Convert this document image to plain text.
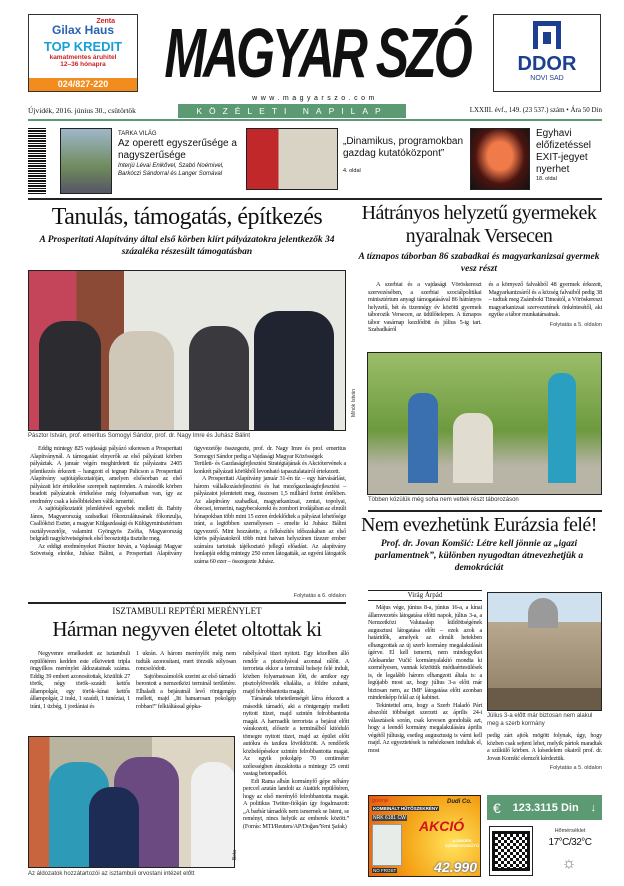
Zenta
Gilax Haus
TOP KREDIT
kamatmentes áruhitel
12–36 hónapra
024/827-220	MAGYAR SZÓ	DDOR
NOVI SAD
www.magyarszo.com
Újvidék, 2016. június 30., csütörtök	KÖZÉLETI NAPILAP	LXXIII. évf., 149. (23 537.) szám • Ára 50 Din
TARKA VILÁG
Az operett egyszerűsége a nagyszerűsége
Interjú Lévai Enikővel, Szabó Noémivel, Barkóczi Sándorral és Langer Somával
„Dinamikus, programokban gazdag kutatóközpont”
4. oldal
Egyhavi előfizetéssel EXIT-jegyet nyerhet
18. oldal
Tanulás, támogatás, építkezés
A Prosperitati Alapítvány által első körben kiírt pályázatokra jelentkezők 34 százaléka részesült támogatásban
Pásztor István, prof. emeritus Somogyi Sándor, prof. dr. Nagy Imre és Juhász Bálint

Eddig mintegy 825 vajdasági pályázó sikeresen a Prosperitati Alapítványnál. A támogatást elnyerők az első pályázati körben pályáztak. A január végén meghirdetett tíz pályázatra 2405 jelentkezés érkezett – hangzott el tegnap Palicson a Prosperitati Alapítvány sajtótájékoztatóján, amelyen elsősorban az első pályázati kör értékelése szerepelt napirenden. A második körben beadott pályázatok értékelése még folyamatban van, így az eredmény csak a későbbiekben válik ismertté.

A sajtótájékoztatót jelenlétével egyebek mellett dr. Babity János, Magyarország szabadkai főkonzulátusának főkonzulja, Csallóközi Eszter, a magyar Külgazdasági és Külügyminisztérium osztályvezetője, valamint Gyöngyös Zsófia, Magyarország belgrádi nagykövetségének első beosztottja tisztelte meg.

Az eddigi eredményeket Pásztor István, a Vajdasági Magyar Szövetség elnöke, Juhász Bálint, a Prosperitati Alapítvány ügyvezetője összegezte, prof. dr. Nagy Imre és prof. emeritus Somogyi Sándor pedig a Vajdasági Magyar Közösségek

Területi- és Gazdaságfejlesztési Stratégiájának és Akciótervének a konkrét pályázati körökből levonható tapasztalatairól értekezett.

A Prosperitati Alapítvány január 31-én tíz – egy hárvásárlást, három vállalkozásfejlesztési és hat mezőgazdaságfejlesztési – pályázatot jelentetett meg, összesen 1,5 milliárd forint értékben. Az alapítvány szabadkai, magyarkanizsai, zentai, topolyai, óbecsei, temerini, nagybecskereki és zombori irodájában az elmúlt hónapokban több mint 15 ezren érdeklődtek a pályázat lehetősége iránt, a legtöbben személyesen – emelte ki Juhász Bálint ügyvezető. Mint hozzátette, a felkészítés időszakában az első körös pályázatokról több mint hatvan helyszínen tízezer ember számára tartottak tájékoztató jellegű előadást. Az alapítvány honlapját eddig mintegy 250 ezren látogatták, az egyéni látogatók száma 60 ezer – összegezte Juhász.

Folytatás a 6. oldalon
ISZTAMBULI REPTÉRI MERÉNYLET
Hárman negyven életet oltottak ki

Negyvenre emelkedett az isztambuli repülőtéren kedden este elkövetett tripla öngyilkos merénylet áldozatainak száma. Eddig 39 embert azonosítottak, közülük 27 török, négy török–szaúdi kettős állampolgár, egy török–kínai kettős állampolgár, 2 iraki, 1 szaúdi, 1 tunéziai, 1 iráni, 1 üzbég, 1 jordániai és

1 ukrán. A három merénylőt még nem tudták azonosítani, mert törzsük súlyosan roncsolódott.

Sajtóbeszámolók szerint az első támadó berontott a nemzetközi terminál területére. Elhaladt a bejáratnál levő röntgengép mellett, majd „Itt hamarosan pokolgép robban!” felkiáltással gépka-

rabélyával tüzet nyitott. Egy közelben álló rendőr a pisztolyával azonnal rálőtt. A terrorista ekkor a terminál belseje felé indult, közben folyamatosan lőtt, de amikor egy pisztolylövedék eltalálta, a földre zuhant, majd felrobbantotta magát.

Társának tehetetlenségét látva érkezett a második támadó, aki a röntgengép mellett nyitott tüzet, majd szintén felrobbantotta magát. A harmadik terrorista a bejárat előtt várakozott, először a terminálból kitóduló tömegre nyitott tüzet, majd az épület előtt autókra és taxikra lövöldözött. A rendőrök közbelépésekor szintén felrobbantotta magát. Az egyik pokolgép 70 centiméter szélességben átszakította a mintegy 25 centi vastag betonpadlót.

Edi Rama albán kormányfő gépe néhány perccel azután landolt az Atatürk repülőtéren, hogy az első merénylő felrobbantotta magát. A politikus Twitter-fiókján így fogalmazott: „A barbár támadók nem ismernek se Istent, se reményt, nincs helyük az emberek között.” (Forrás: MTI/Reuters/AP/Doğan/Yeni Şafak)

Beta
Az áldozatok hozzátartozói az isztambuli orvostani intézet előtt
Hátrányos helyzetű gyermekek nyaralnak Versecen
A tíznapos táborban 86 szabadkai és magyarkanizsai gyermek vesz részt

A szerbiai és a vajdasági Vöröskereszt szervezésében, a szerbiai szociálpolitikai minisztérium anyagi támogatásával 86 hátrányos helyzetű, hét és tizennégy év közötti gyermek táborozik Versecen, az üdülőtelepen. A tíznapos tábor vasárnap kezdődött és július 5-ig tart. Szabadkáról

és a környező falvakból 48 gyermek érkezett, Magyarkanizsáról és a község falvaiból pedig 38 – tudtuk meg Zsámboki Timeától, a Vöröskereszt magyarkanizsai szervezetének önkéntesétől, aki egyike a tábor munkatársainak.

Folytatás a 5. oldalon
Mihók István
Többen közülük még soha nem vettek részt táborozáson
Nem evezhetünk Eurázsia felé!
Prof. dr. Jovan Komšić: Létre kell jönnie az „igazi parlamentnek”, különben nyugodtan átnevezhetjük a demokráciát
Virág Árpád

Május vége, június 8-a, június 16-a, a kínai államvezetés látogatása előtti napok, július 3-a, a Nemzetközi Valutaalap küldöttségének augusztusi látogatása előtt – ezek azok a határidők, amelyek az elmúlt hetekben elhangzottak az új szerb kormány megalakulását ígérve. El kell ismerni, nem mindegyiket Aleksandar Vučić kormányalakító mondta ki személyesen, vannak közöttük médiaértesülések is, de legalább három elhangzott általa is: a legújabb most az, hogy július 3-a előtt már biztosan nem, az IMF látogatása előtt azonban mindenképp felál az új kabinet.

Tekintettel arra, hogy a Szerb Haladó Párt abszolút többséget szerzett az április 24-i választások során, csak kevesen gondolták azt, hogy a leendő kormány megalakulására április végétől júliusig, esetleg augusztusig is várni kell majd. Az egyeztetések is nehézkesen indultak el, most

Július 3-a előtt már biztosan nem alakul meg a szerb kormány

pedig zárt ajtók mögött folynak, úgy, hogy közben csak sejteni lehet, melyik pártok maradtak a szűkülő körben. A késedelem okairól prof. dr. Jovan Komšić elemzőt kérdeztük.

Folytatás a 5. oldalon
gorenje
KOMBINÁLT HŰTŐSZEKRÉNY
Dudi Co.
NRK 6181 CW AKCIÓ
AJÁNDÉK SZENDVICSSÜTŐ
NO FROST	42.990
€ 123.3115 Din ↓
Hőmérséklet
17°C/32°C
☼
